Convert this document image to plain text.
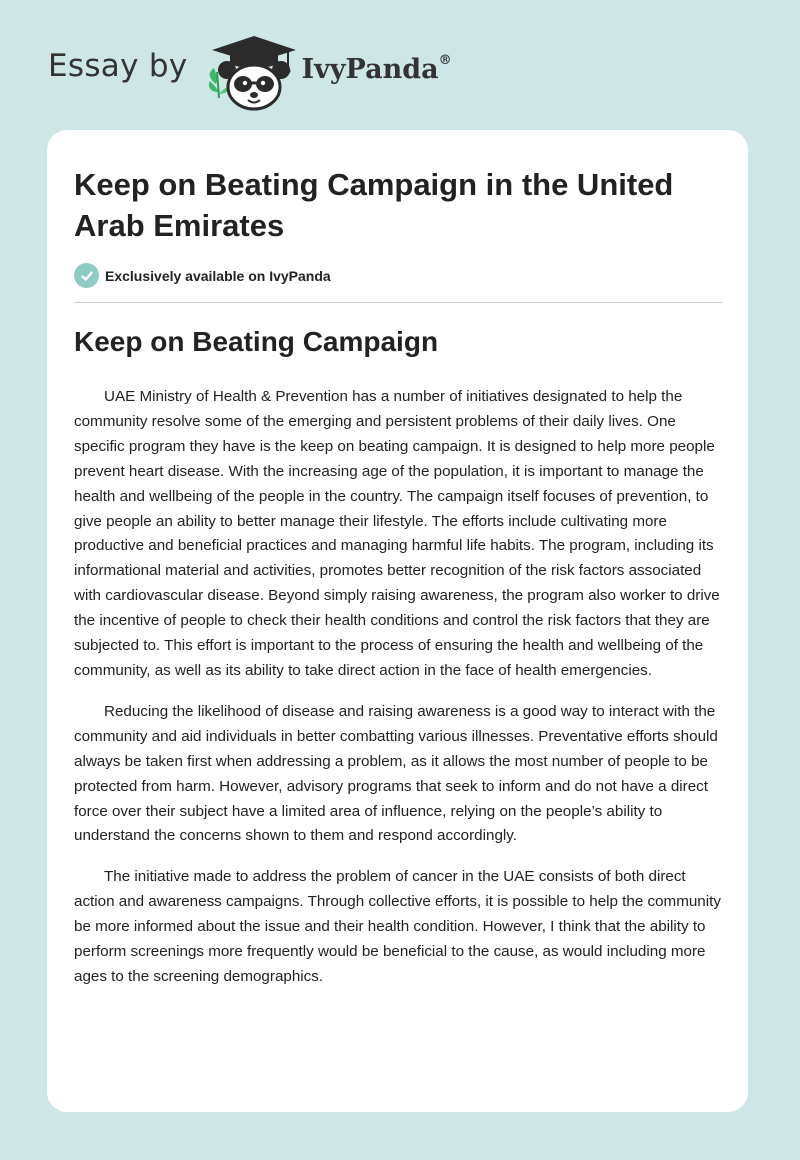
Essay by	IvyPanda®
Keep on Beating Campaign in the United Arab Emirates
Exclusively available on IvyPanda
Keep on Beating Campaign

UAE Ministry of Health & Prevention has a number of initiatives designated to help the community resolve some of the emerging and persistent problems of their daily lives. One specific program they have is the keep on beating campaign. It is designed to help more people prevent heart disease. With the increasing age of the population, it is important to manage the health and wellbeing of the people in the country. The campaign itself focuses of prevention, to give people an ability to better manage their lifestyle. The efforts include cultivating more productive and beneficial practices and managing harmful life habits. The program, including its informational material and activities, promotes better recognition of the risk factors associated with cardiovascular disease. Beyond simply raising awareness, the program also worker to drive the incentive of people to check their health conditions and control the risk factors that they are subjected to. This effort is important to the process of ensuring the health and wellbeing of the community, as well as its ability to take direct action in the face of health emergencies.

Reducing the likelihood of disease and raising awareness is a good way to interact with the community and aid individuals in better combatting various illnesses. Preventative efforts should always be taken first when addressing a problem, as it allows the most number of people to be protected from harm. However, advisory programs that seek to inform and do not have a direct force over their subject have a limited area of influence, relying on the people’s ability to understand the concerns shown to them and respond accordingly.

The initiative made to address the problem of cancer in the UAE consists of both direct action and awareness campaigns. Through collective efforts, it is possible to help the community be more informed about the issue and their health condition. However, I think that the ability to perform screenings more frequently would be beneficial to the cause, as would including more ages to the screening demographics.
